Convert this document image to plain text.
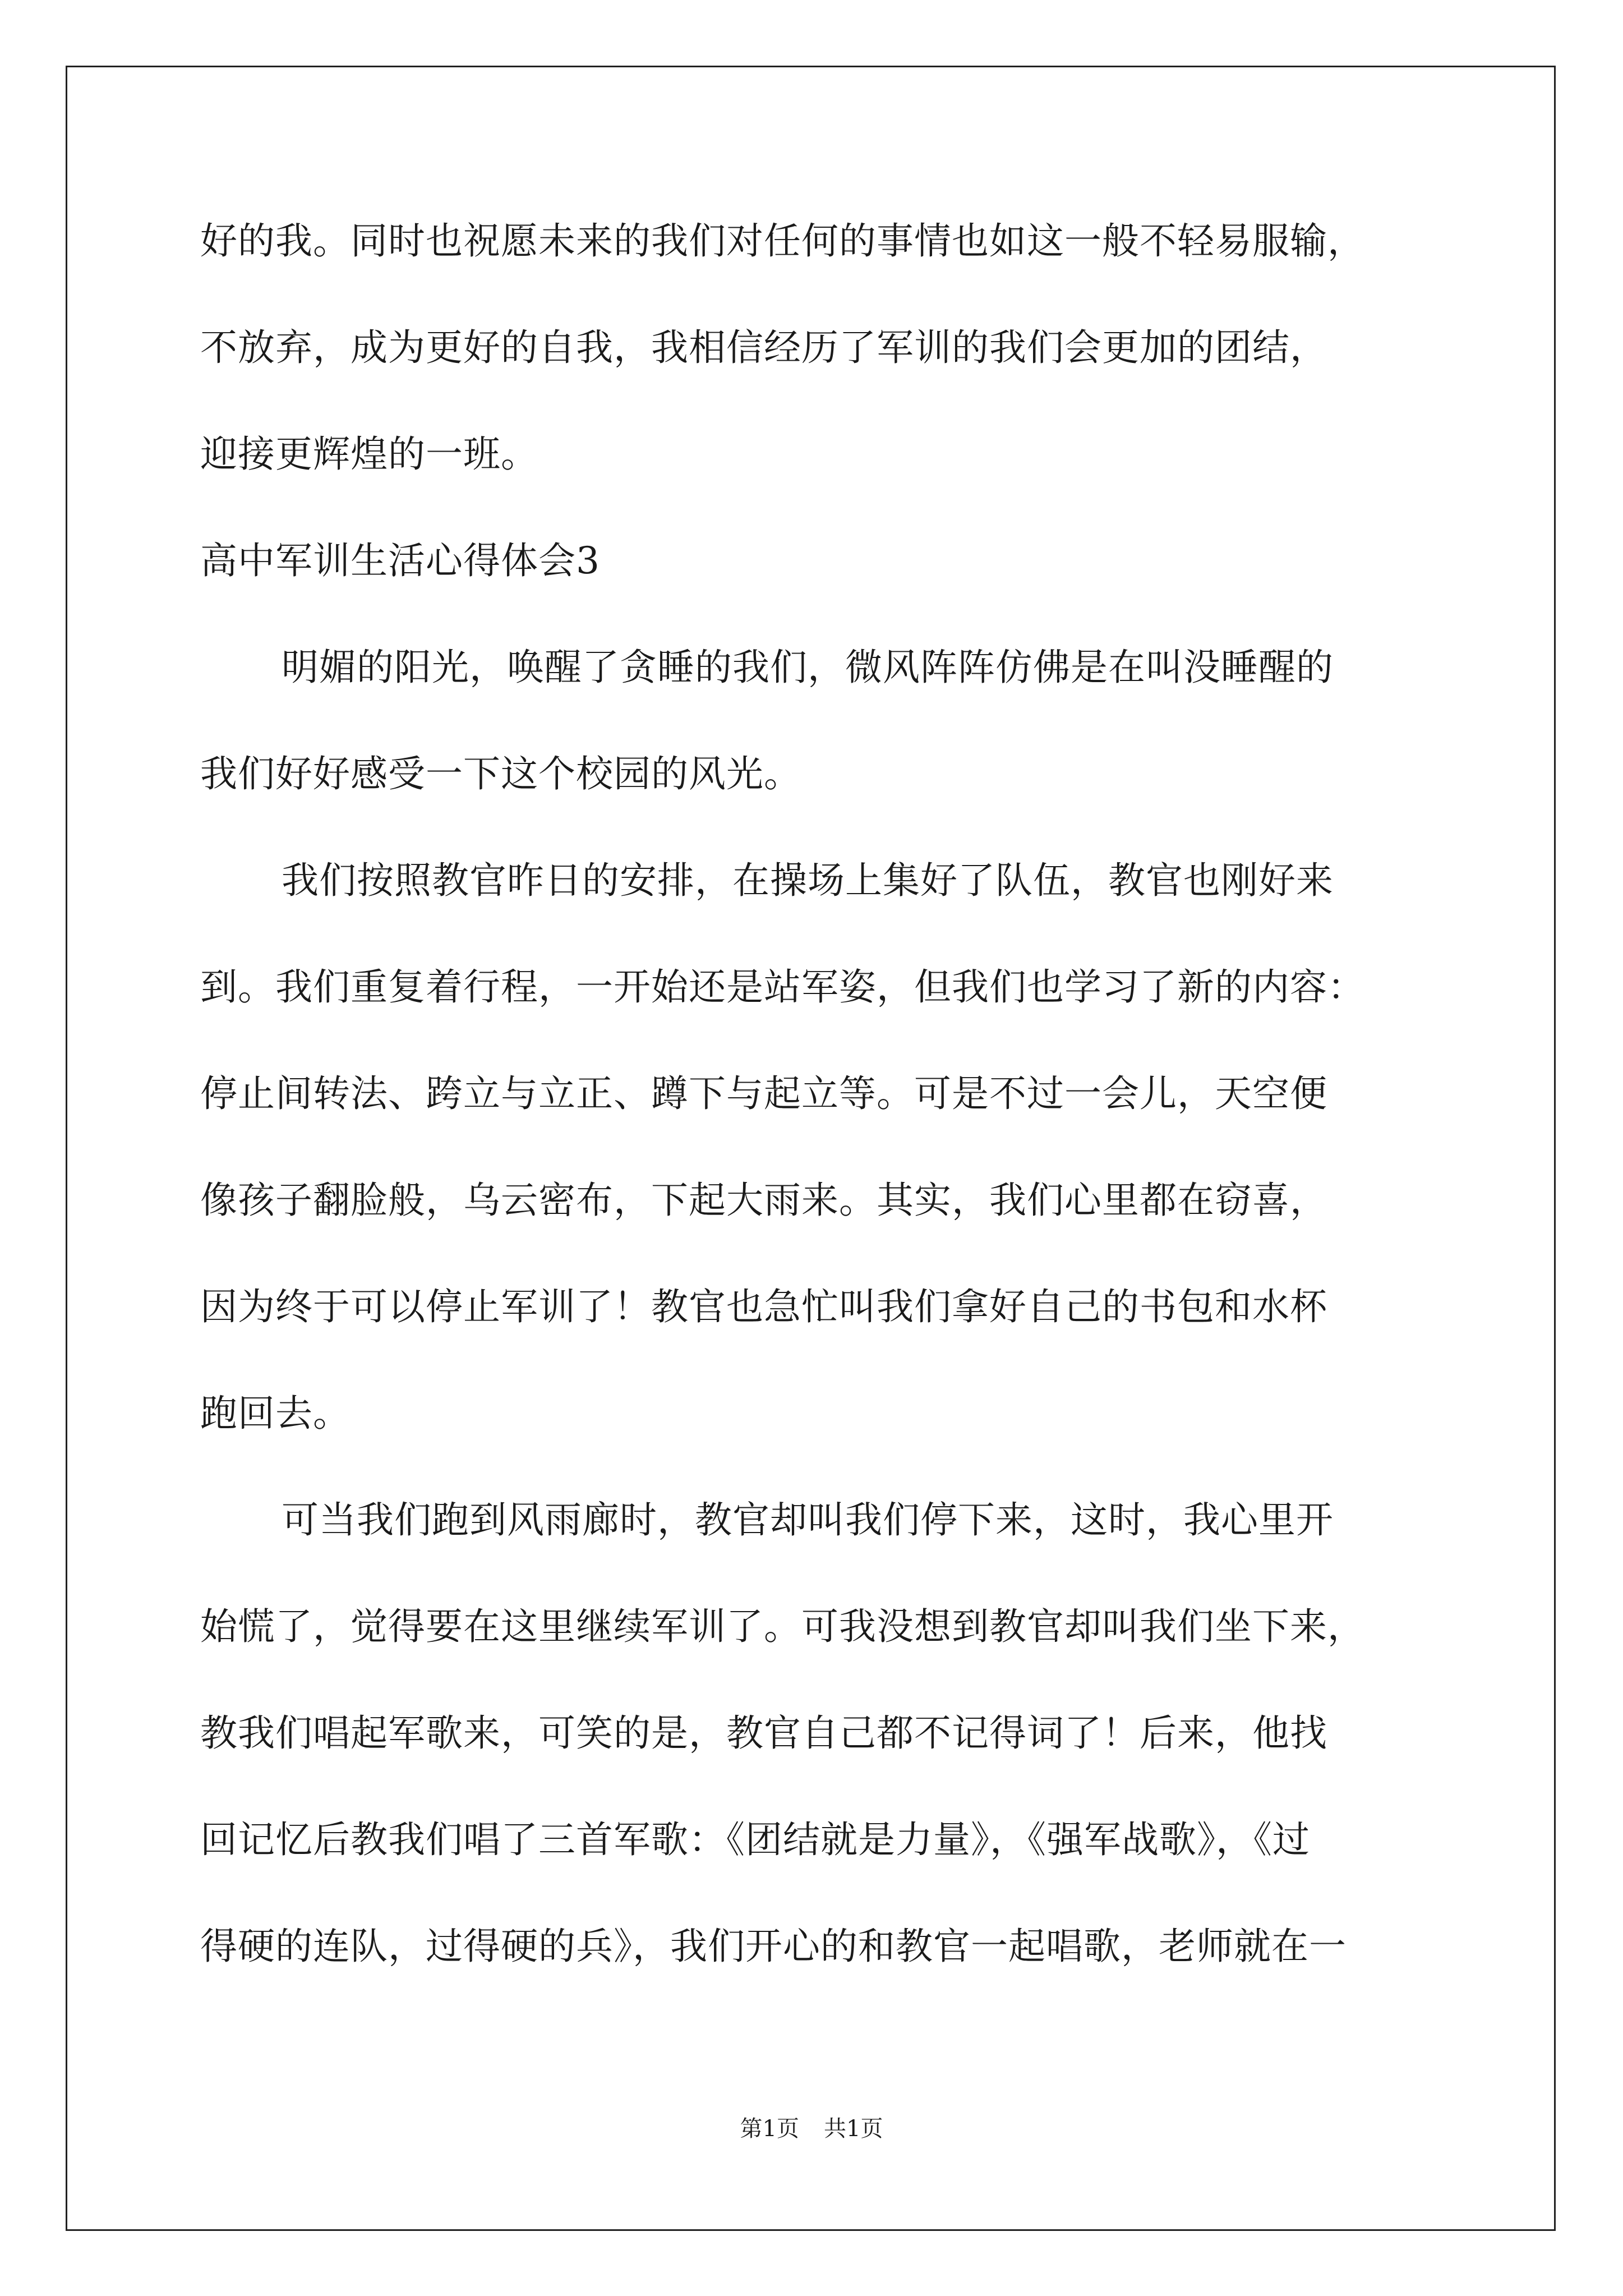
好的我。同时也祝愿未来的我们对任何的事情也如这一般不轻易服输，

不放弃，成为更好的自我，我相信经历了军训的我们会更加的团结，

迎接更辉煌的一班。

高中军训生活心得体会3

明媚的阳光，唤醒了贪睡的我们，微风阵阵仿佛是在叫没睡醒的

我们好好感受一下这个校园的风光。

我们按照教官昨日的安排，在操场上集好了队伍，教官也刚好来

到。我们重复着行程，一开始还是站军姿，但我们也学习了新的内容：

停止间转法、跨立与立正、蹲下与起立等。可是不过一会儿，天空便

像孩子翻脸般，乌云密布，下起大雨来。其实，我们心里都在窃喜，

因为终于可以停止军训了！教官也急忙叫我们拿好自己的书包和水杯

跑回去。

可当我们跑到风雨廊时，教官却叫我们停下来，这时，我心里开

始慌了，觉得要在这里继续军训了。可我没想到教官却叫我们坐下来，

教我们唱起军歌来，可笑的是，教官自己都不记得词了！后来，他找

回记忆后教我们唱了三首军歌：《团结就是力量》，《强军战歌》，《过

得硬的连队，过得硬的兵》，我们开心的和教官一起唱歌，老师就在一

第1页 共1页
